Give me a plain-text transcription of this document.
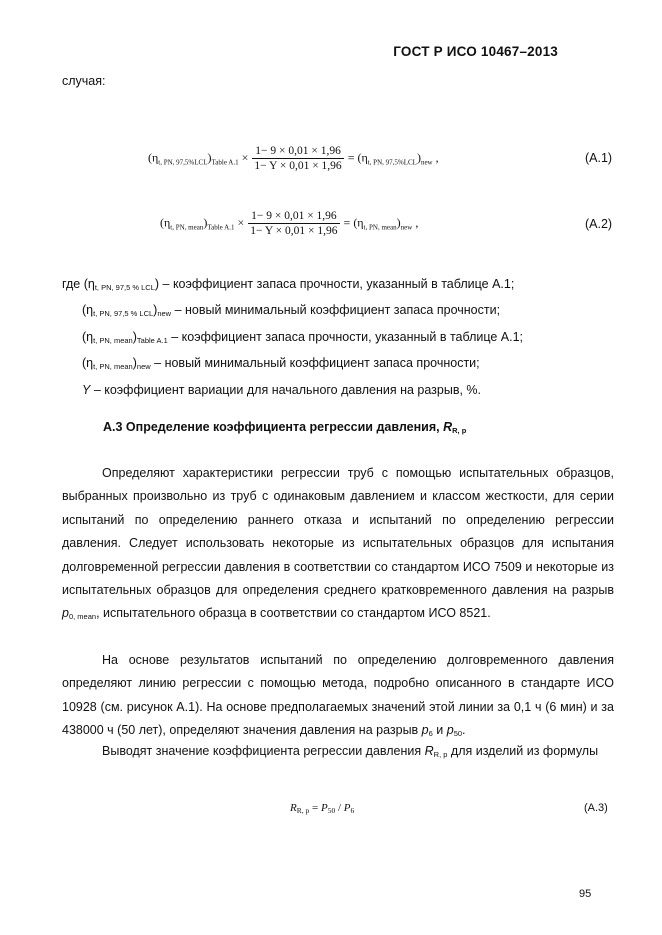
ГОСТ Р ИСО 10467–2013
случая:
$(\eta_{t, PN, 97,5\%LCL})_{Table A.1} \times \frac{1- 9 \times 0,01 \times 1,96}{1- Y \times 0,01 \times 1,96} = (\eta_{t, PN, 97,5\%LCL})_{new}$ ,	(А.1)
$(\eta_{t, PN, mean})_{Table A.1} \times \frac{1- 9 \times 0,01 \times 1,96}{1- Y \times 0,01 \times 1,96} = (\eta_{t, PN, mean})_{new}$ ,	(А.2)
где (ηt, PN, 97,5 % LCL) – коэффициент запаса прочности, указанный в таблице А.1;
(ηt, PN, 97,5 % LCL)new – новый минимальный коэффициент запаса прочности;
(ηt, PN, mean)Table A.1 – коэффициент запаса прочности, указанный в таблице А.1;
(ηt, PN, mean)new – новый минимальный коэффициент запаса прочности;
Y – коэффициент вариации для начального давления на разрыв, %.
А.3 Определение коэффициента регрессии давления, RR, p
Определяют характеристики регрессии труб с помощью испытательных образцов, выбранных произвольно из труб с одинаковым давлением и классом жесткости, для серии испытаний по определению раннего отказа и испытаний по определению регрессии давления. Следует использовать некоторые из испытательных образцов для испытания долговременной регрессии давления в соответствии со стандартом ИСО 7509 и некоторые из испытательных образцов для определения среднего кратковременного давления на разрыв p0, mean, испытательного образца в соответствии со стандартом ИСО 8521.
На основе результатов испытаний по определению долговременного давления определяют линию регрессии с помощью метода, подробно описанного в стандарте ИСО 10928 (см. рисунок А.1). На основе предполагаемых значений этой линии за 0,1 ч (6 мин) и за 438000 ч (50 лет), определяют значения давления на разрыв p6 и p50.
Выводят значение коэффициента регрессии давления RR, p для изделий из формулы
RR, p = P50 / P6	(А.3)
95
